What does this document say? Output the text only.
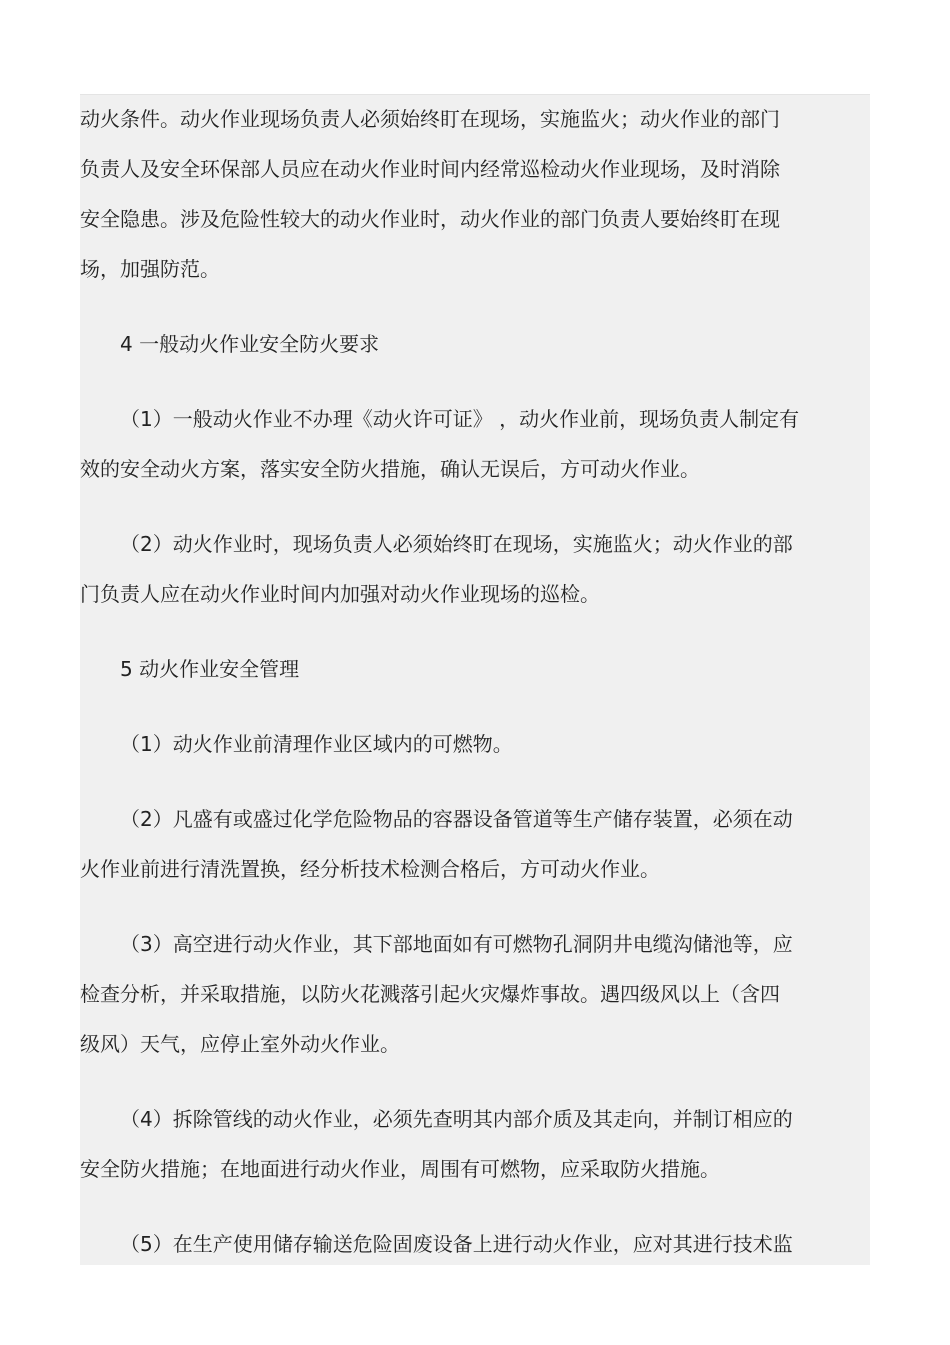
动火条件。动火作业现场负责人必须始终盯在现场，实施监火；动火作业的部门
负责人及安全环保部人员应在动火作业时间内经常巡检动火作业现场，及时消除
安全隐患。涉及危险性较大的动火作业时，动火作业的部门负责人要始终盯在现
场，加强防范。

4 一般动火作业安全防火要求

（1）一般动火作业不办理《动火许可证》 ，动火作业前，现场负责人制定有
效的安全动火方案，落实安全防火措施，确认无误后，方可动火作业。

（2）动火作业时，现场负责人必须始终盯在现场，实施监火；动火作业的部
门负责人应在动火作业时间内加强对动火作业现场的巡检。

5 动火作业安全管理

（1）动火作业前清理作业区域内的可燃物。

（2）凡盛有或盛过化学危险物品的容器设备管道等生产储存装置，必须在动
火作业前进行清洗置换，经分析技术检测合格后，方可动火作业。

（3）高空进行动火作业，其下部地面如有可燃物孔洞阴井电缆沟储池等，应
检查分析，并采取措施，以防火花溅落引起火灾爆炸事故。遇四级风以上（含四
级风）天气，应停止室外动火作业。

（4）拆除管线的动火作业，必须先查明其内部介质及其走向，并制订相应的
安全防火措施；在地面进行动火作业，周围有可燃物，应采取防火措施。

（5）在生产使用储存输送危险固废设备上进行动火作业，应对其进行技术监
